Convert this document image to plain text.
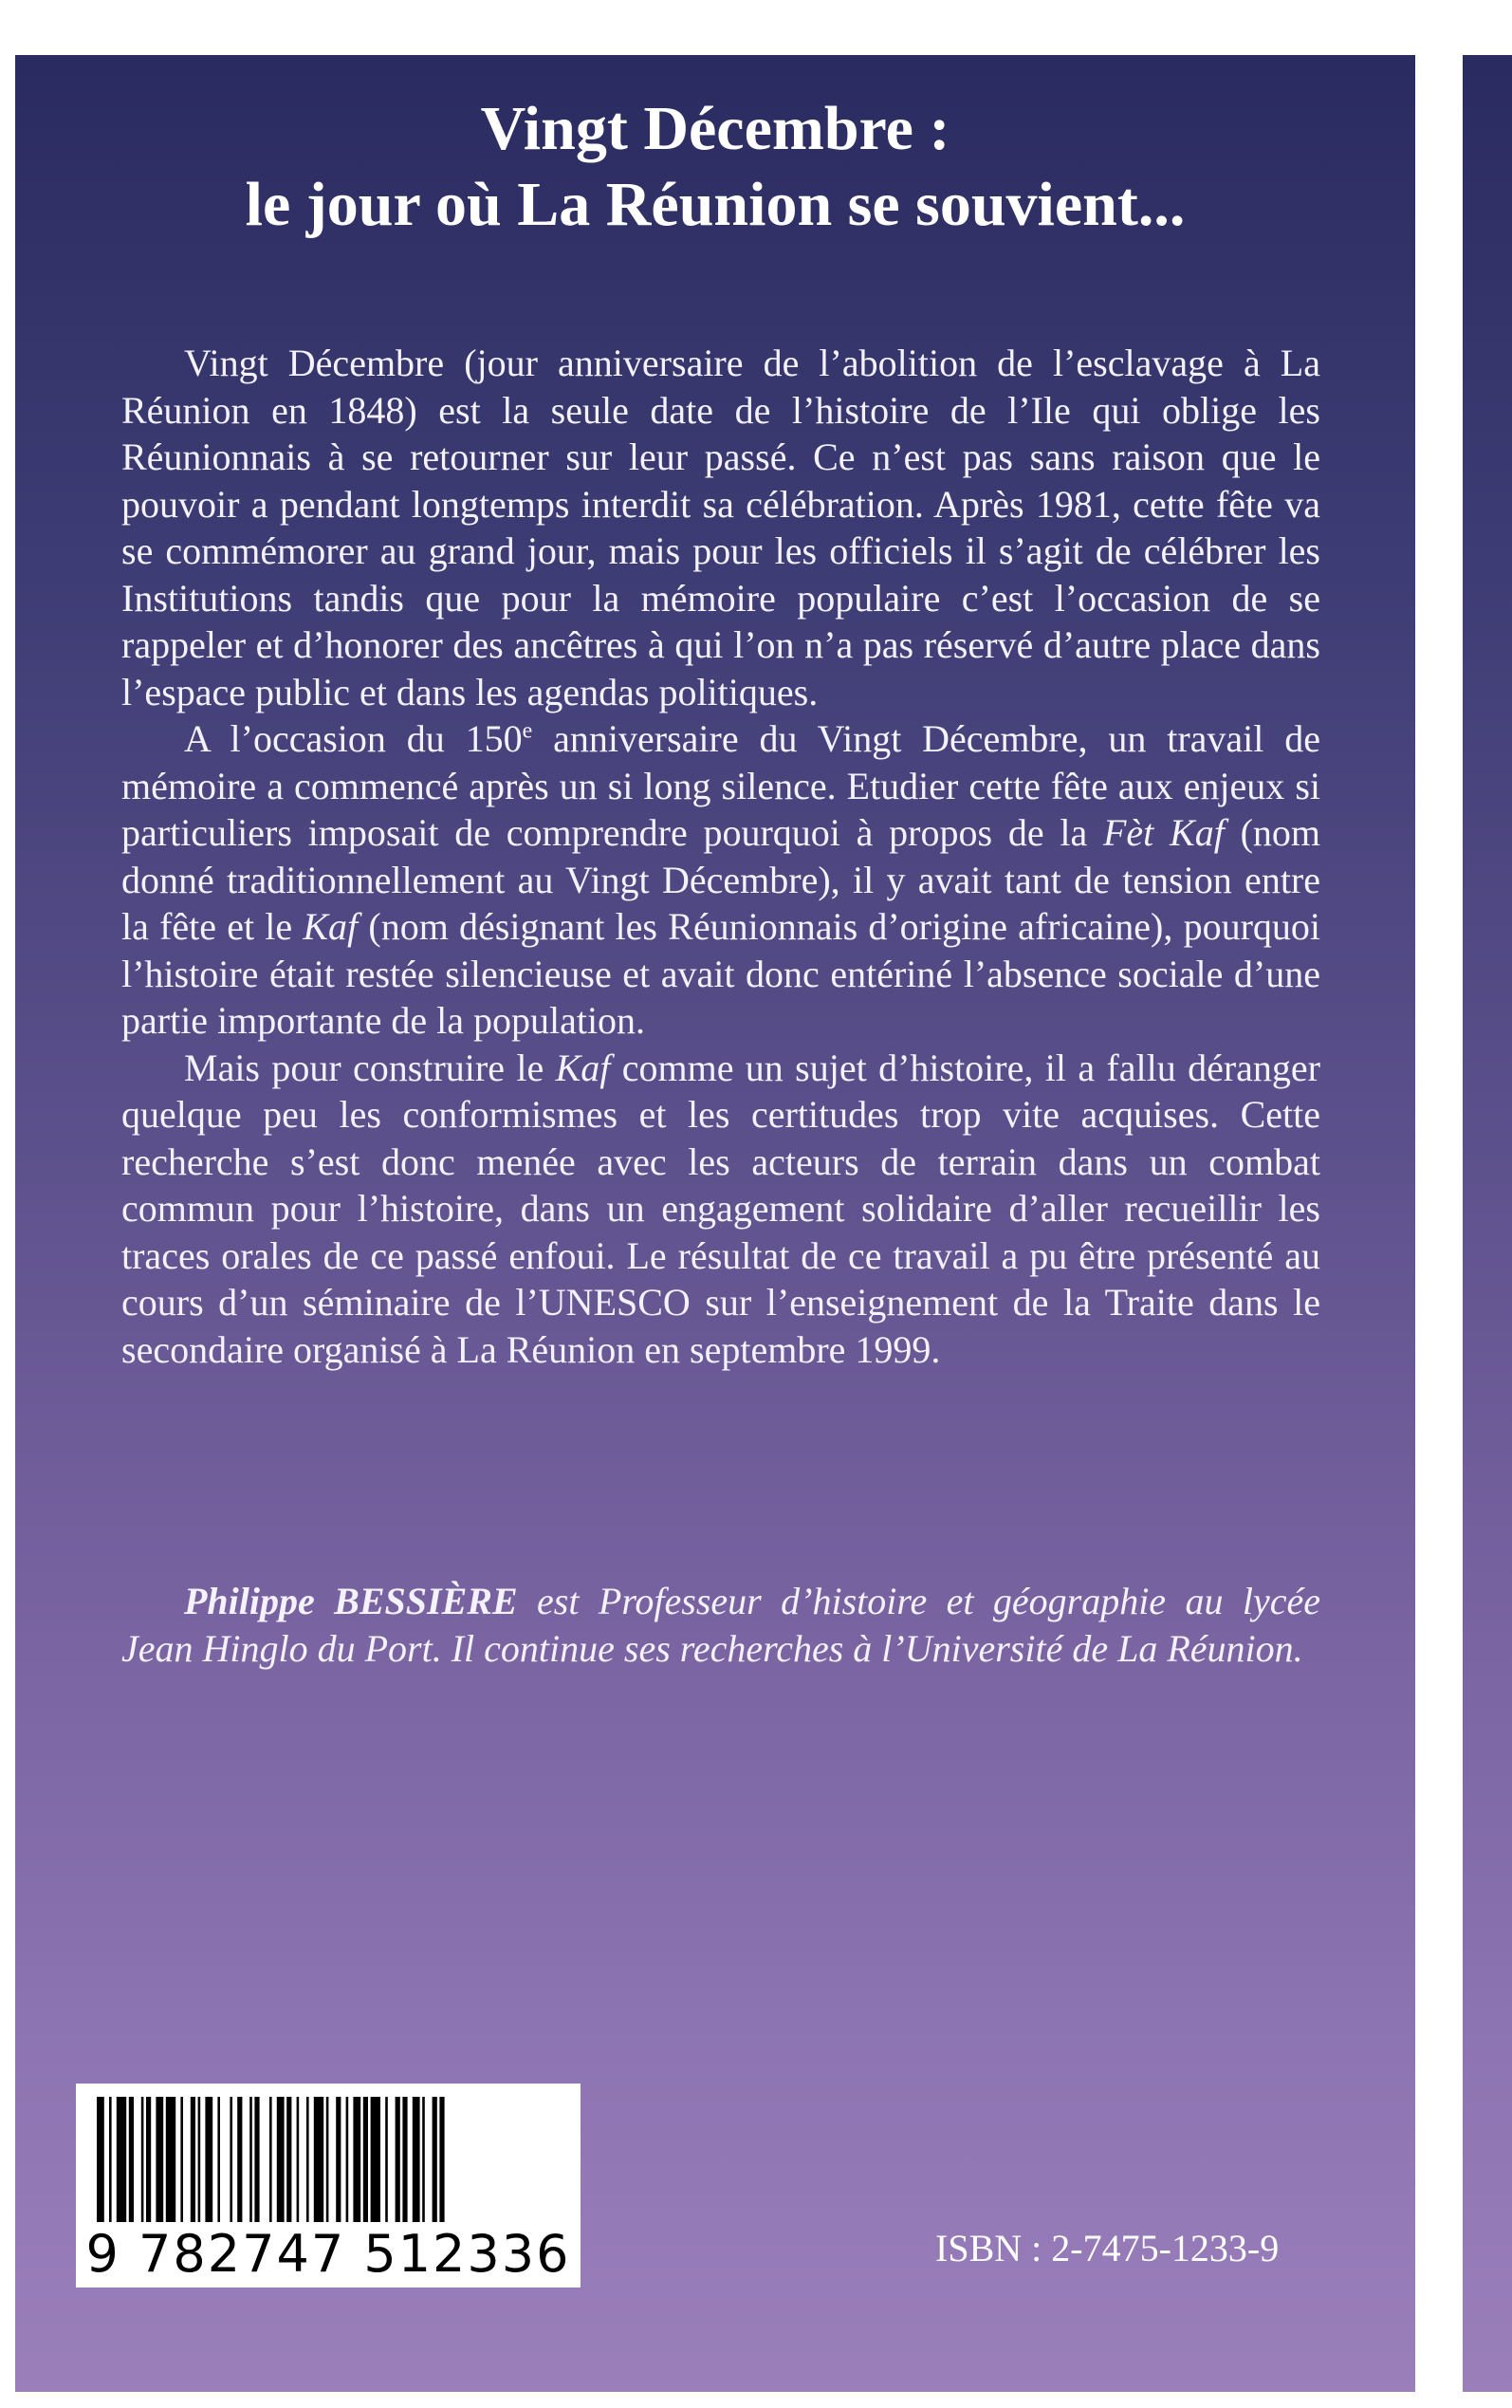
Vingt Décembre :
le jour où La Réunion se souvient...

Vingt Décembre (jour anniversaire de l’abolition de l’esclavage à La Réunion en 1848) est la seule date de l’histoire de l’Ile qui oblige les Réunionnais à se retourner sur leur passé. Ce n’est pas sans raison que le pouvoir a pendant longtemps interdit sa célébration. Après 1981, cette fête va se commémorer au grand jour, mais pour les officiels il s’agit de célébrer les Institutions tandis que pour la mémoire populaire c’est l’occasion de se rappeler et d’honorer des ancêtres à qui l’on n’a pas réservé d’autre place dans l’espace public et dans les agendas politiques.

A l’occasion du 150e anniversaire du Vingt Décembre, un travail de mémoire a commencé après un si long silence. Etudier cette fête aux enjeux si particuliers imposait de comprendre pourquoi à propos de la Fèt Kaf (nom donné traditionnellement au Vingt Décembre), il y avait tant de tension entre la fête et le Kaf (nom désignant les Réunionnais d’origine africaine), pourquoi l’histoire était restée silencieuse et avait donc entériné l’absence sociale d’une partie importante de la population.

Mais pour construire le Kaf comme un sujet d’histoire, il a fallu déranger quelque peu les conformismes et les certitudes trop vite acquises. Cette recherche s’est donc menée avec les acteurs de terrain dans un combat commun pour l’histoire, dans un engagement solidaire d’aller recueillir les traces orales de ce passé enfoui. Le résultat de ce travail a pu être présenté au cours d’un séminaire de l’UNESCO sur l’enseignement de la Traite dans le secondaire organisé à La Réunion en septembre 1999.

Philippe BESSIÈRE est Professeur d’histoire et géographie au lycée Jean Hinglo du Port. Il continue ses recherches à l’Université de La Réunion.
9 782747 512336	ISBN : 2-7475-1233-9
